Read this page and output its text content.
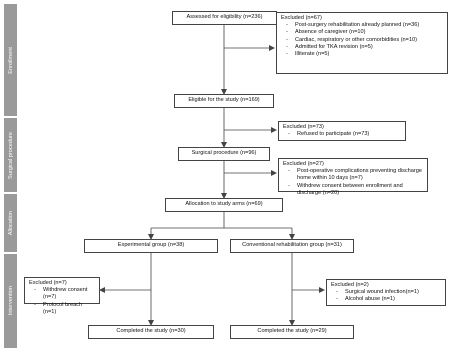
Enrollment
Surgical procedure
Allocation
Intervention
Assessed for eligibility (n=236)
Eligible for the study (n=169)
Surgical procedure (n=96)
Allocation to study arms (n=69)
Experimental group (n=38)	Conventional rehabilitation group (n=31)
Completed the study (n=30)	Completed the study (n=29)
Excluded (n=67)
- Post-surgery rehabilitation already planned (n=36)
- Absence of caregiver (n=10)
- Cardiac, respiratory or other comorbidities (n=10)
- Admitted for TKA revision (n=5)
- Illiterate (n=5)
Excluded (n=73)
- Refused to participate (n=73)
Excluded (n=27)
- Post-operative complications preventing discharge home within 10 days (n=7)
- Withdrew consent between enrollment and discharge (n=20)
Excluded (n=7)
- Withdrew consent (n=7)
- Protocol breach (n=1)
Excluded (n=2)
- Surgical wound infection(n=1)
- Alcohol abuse (n=1)
